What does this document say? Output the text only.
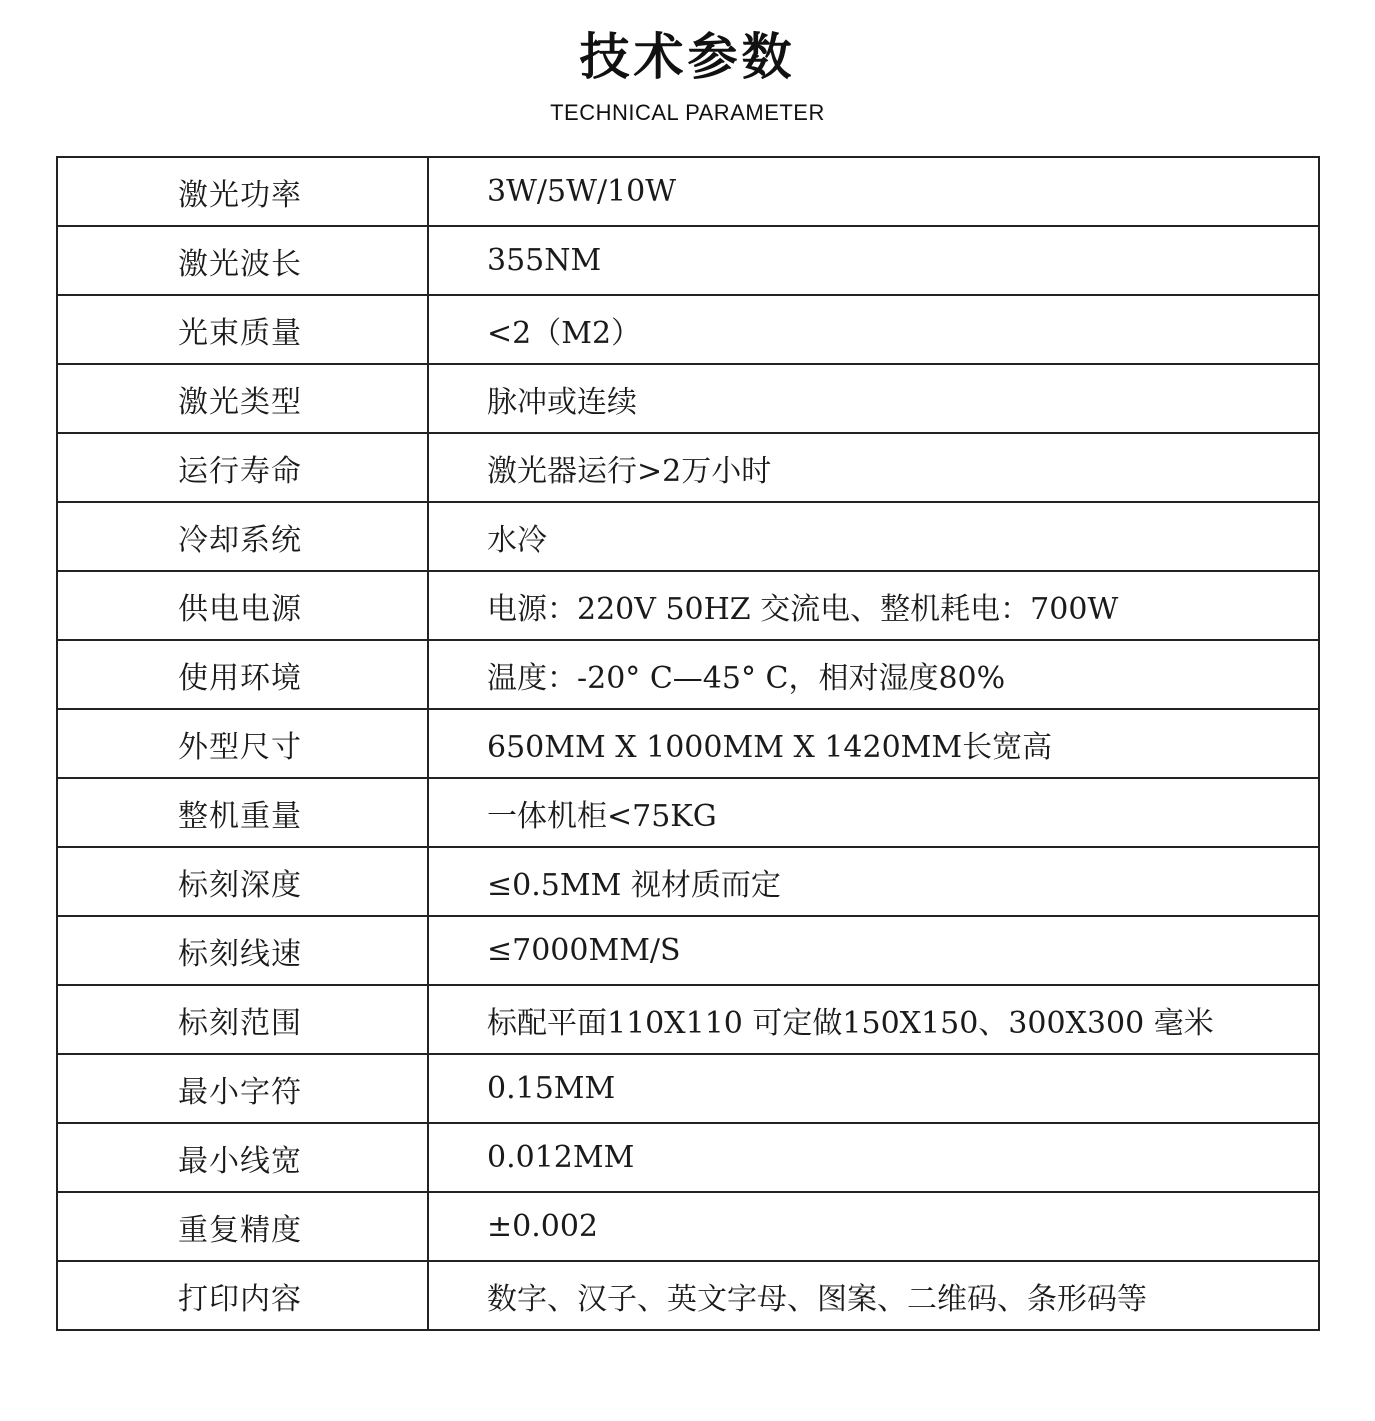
技术参数
TECHNICAL PARAMETER
激光功率	3W/5W/10W
激光波长	355NM
光束质量	<2（M2）
激光类型	脉冲或连续
运行寿命	激光器运行>2万小时
冷却系统	水冷
供电电源	电源：220V 50HZ 交流电、整机耗电：700W
使用环境	温度：-20° C—45° C，相对湿度80%
外型尺寸	650MM X 1000MM X 1420MM长宽高
整机重量	一体机柜<75KG
标刻深度	≤0.5MM 视材质而定
标刻线速	≤7000MM/S
标刻范围	标配平面110X110 可定做150X150、300X300 毫米
最小字符	0.15MM
最小线宽	0.012MM
重复精度	±0.002
打印内容	数字、汉子、英文字母、图案、二维码、条形码等
